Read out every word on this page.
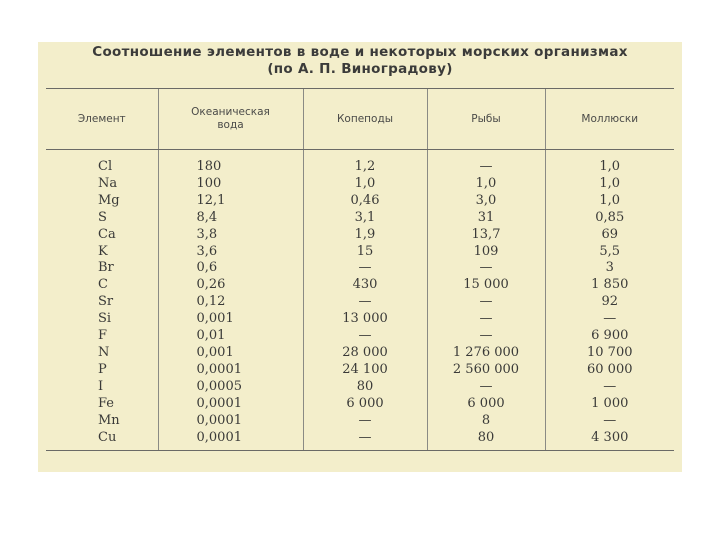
Соотношение элементов в воде и некоторых морских организмах
(по А. П. Виноградову)
Элемент	Океаническая вода	Копеподы	Рыбы	Моллюски
Cl	180	1,2	—	1,0
Na	100	1,0	1,0	1,0
Mg	12,1	0,46	3,0	1,0
S	8,4	3,1	31	0,85
Ca	3,8	1,9	13,7	69
K	3,6	15	109	5,5
Br	0,6	—	—	3
C	0,26	430	15 000	1 850
Sr	0,12	—	—	92
Si	0,001	13 000	—	—
F	0,01	—	—	6 900
N	0,001	28 000	1 276 000	10 700
P	0,0001	24 100	2 560 000	60 000
I	0,0005	80	—	—
Fe	0,0001	6 000	6 000	1 000
Mn	0,0001	—	8	—
Cu	0,0001	—	80	4 300
